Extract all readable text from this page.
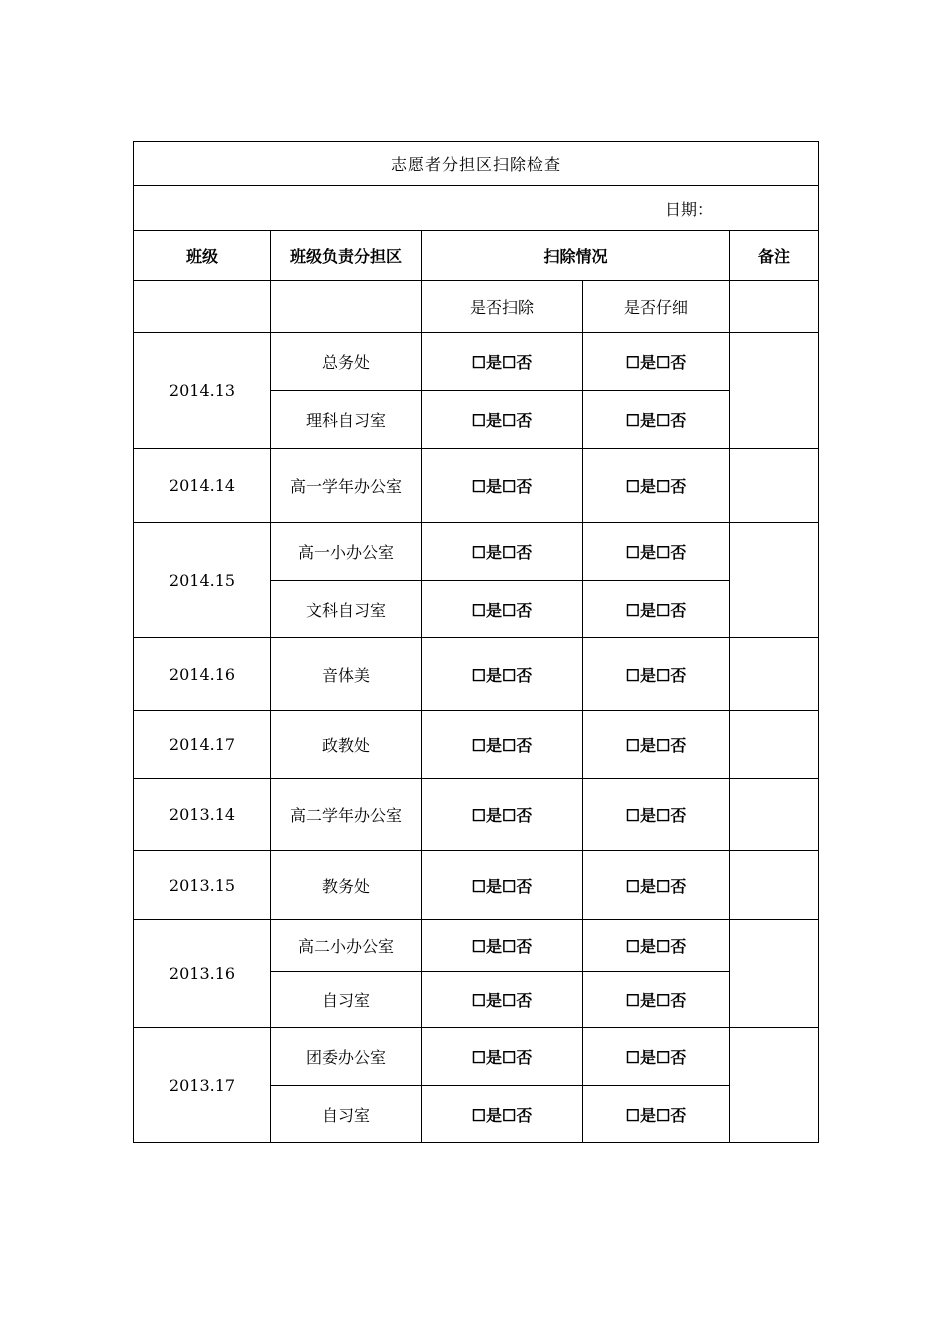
志愿者分担区扫除检查				
日期：				
班级	班级负责分担区	扫除情况		备注
		是否扫除	是否仔细	
2014.13	总务处	☐是☐否	☐是☐否	
	理科自习室	☐是☐否	☐是☐否	
2014.14	高一学年办公室	☐是☐否	☐是☐否	
2014.15	高一小办公室	☐是☐否	☐是☐否	
	文科自习室	☐是☐否	☐是☐否	
2014.16	音体美	☐是☐否	☐是☐否	
2014.17	政教处	☐是☐否	☐是☐否	
2013.14	高二学年办公室	☐是☐否	☐是☐否	
2013.15	教务处	☐是☐否	☐是☐否	
2013.16	高二小办公室	☐是☐否	☐是☐否	
	自习室	☐是☐否	☐是☐否	
2013.17	团委办公室	☐是☐否	☐是☐否	
	自习室	☐是☐否	☐是☐否	
